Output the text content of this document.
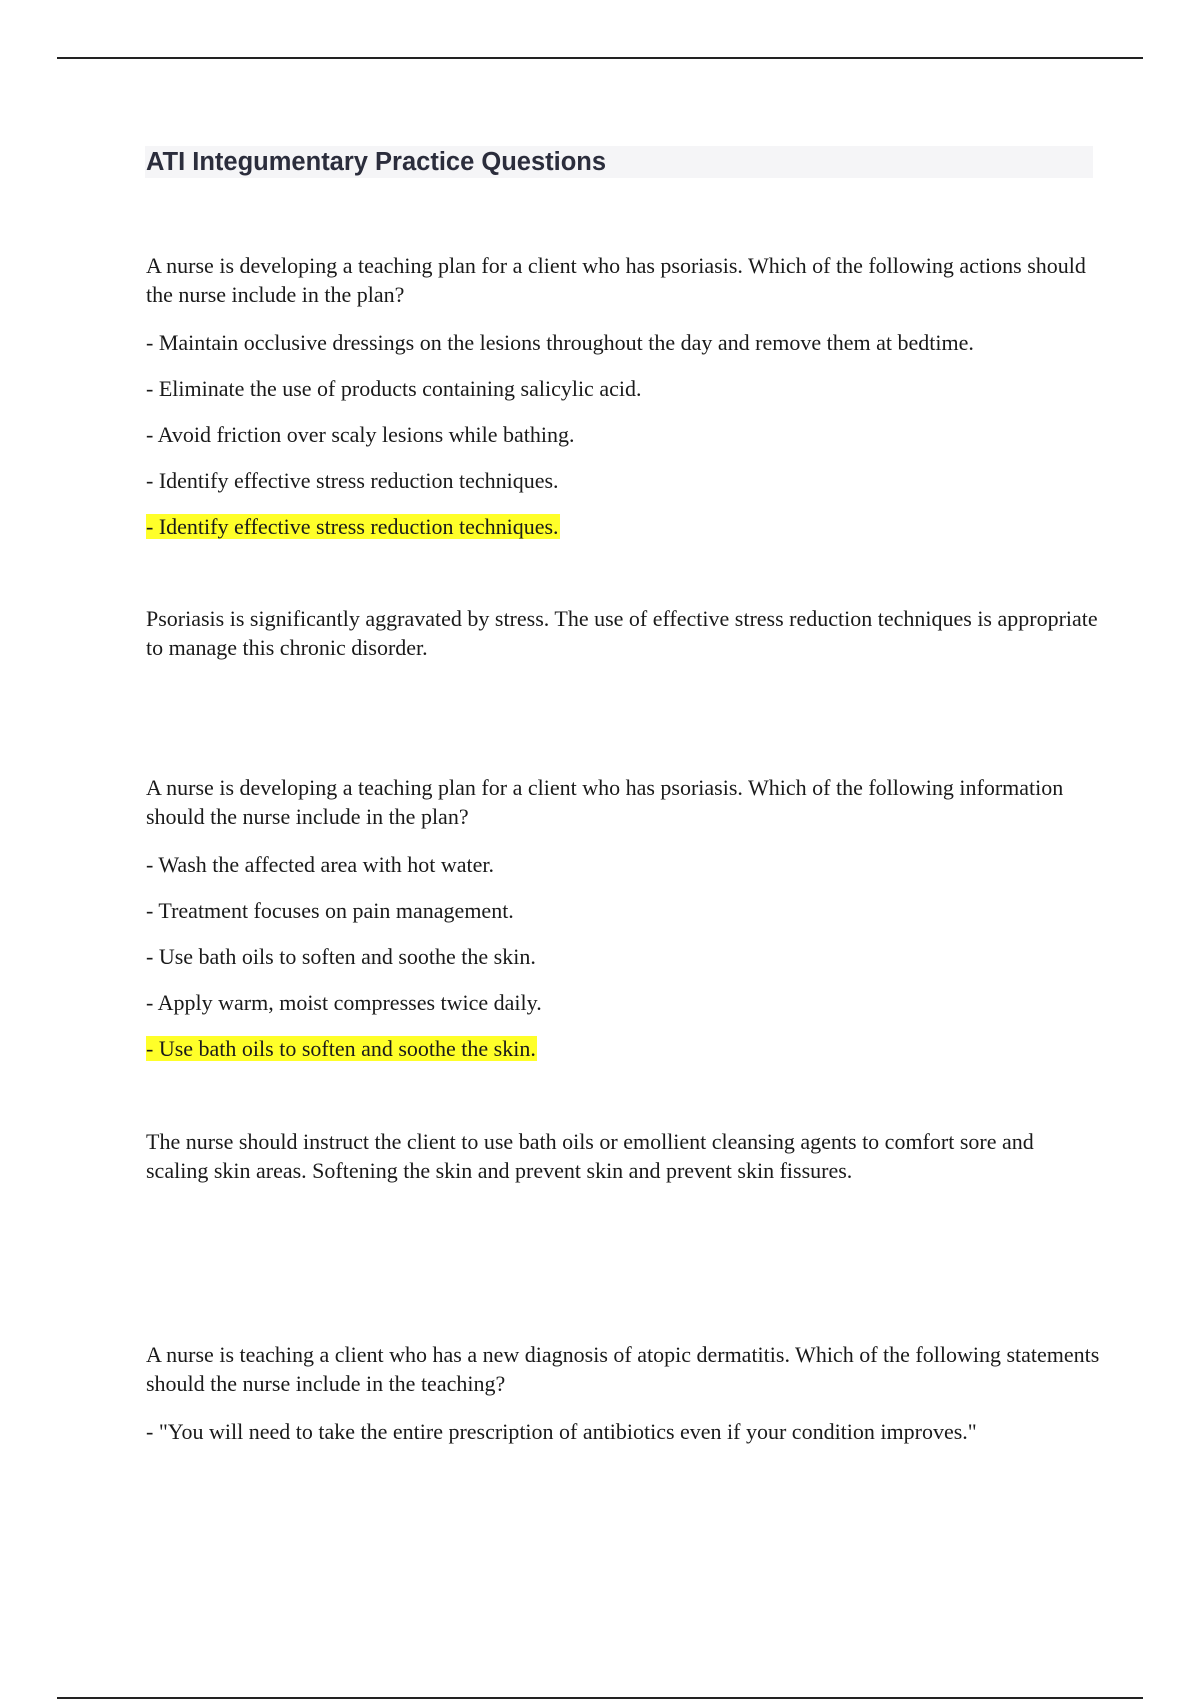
ATI Integumentary Practice Questions

A nurse is developing a teaching plan for a client who has psoriasis. Which of the following actions should the nurse include in the plan?

- Maintain occlusive dressings on the lesions throughout the day and remove them at bedtime.

- Eliminate the use of products containing salicylic acid.

- Avoid friction over scaly lesions while bathing.

- Identify effective stress reduction techniques.

- Identify effective stress reduction techniques.

Psoriasis is significantly aggravated by stress. The use of effective stress reduction techniques is appropriate to manage this chronic disorder.

A nurse is developing a teaching plan for a client who has psoriasis. Which of the following information should the nurse include in the plan?

- Wash the affected area with hot water.

- Treatment focuses on pain management.

- Use bath oils to soften and soothe the skin.

- Apply warm, moist compresses twice daily.

- Use bath oils to soften and soothe the skin.

The nurse should instruct the client to use bath oils or emollient cleansing agents to comfort sore and scaling skin areas. Softening the skin and prevent skin and prevent skin fissures.

A nurse is teaching a client who has a new diagnosis of atopic dermatitis. Which of the following statements should the nurse include in the teaching?

- "You will need to take the entire prescription of antibiotics even if your condition improves."
